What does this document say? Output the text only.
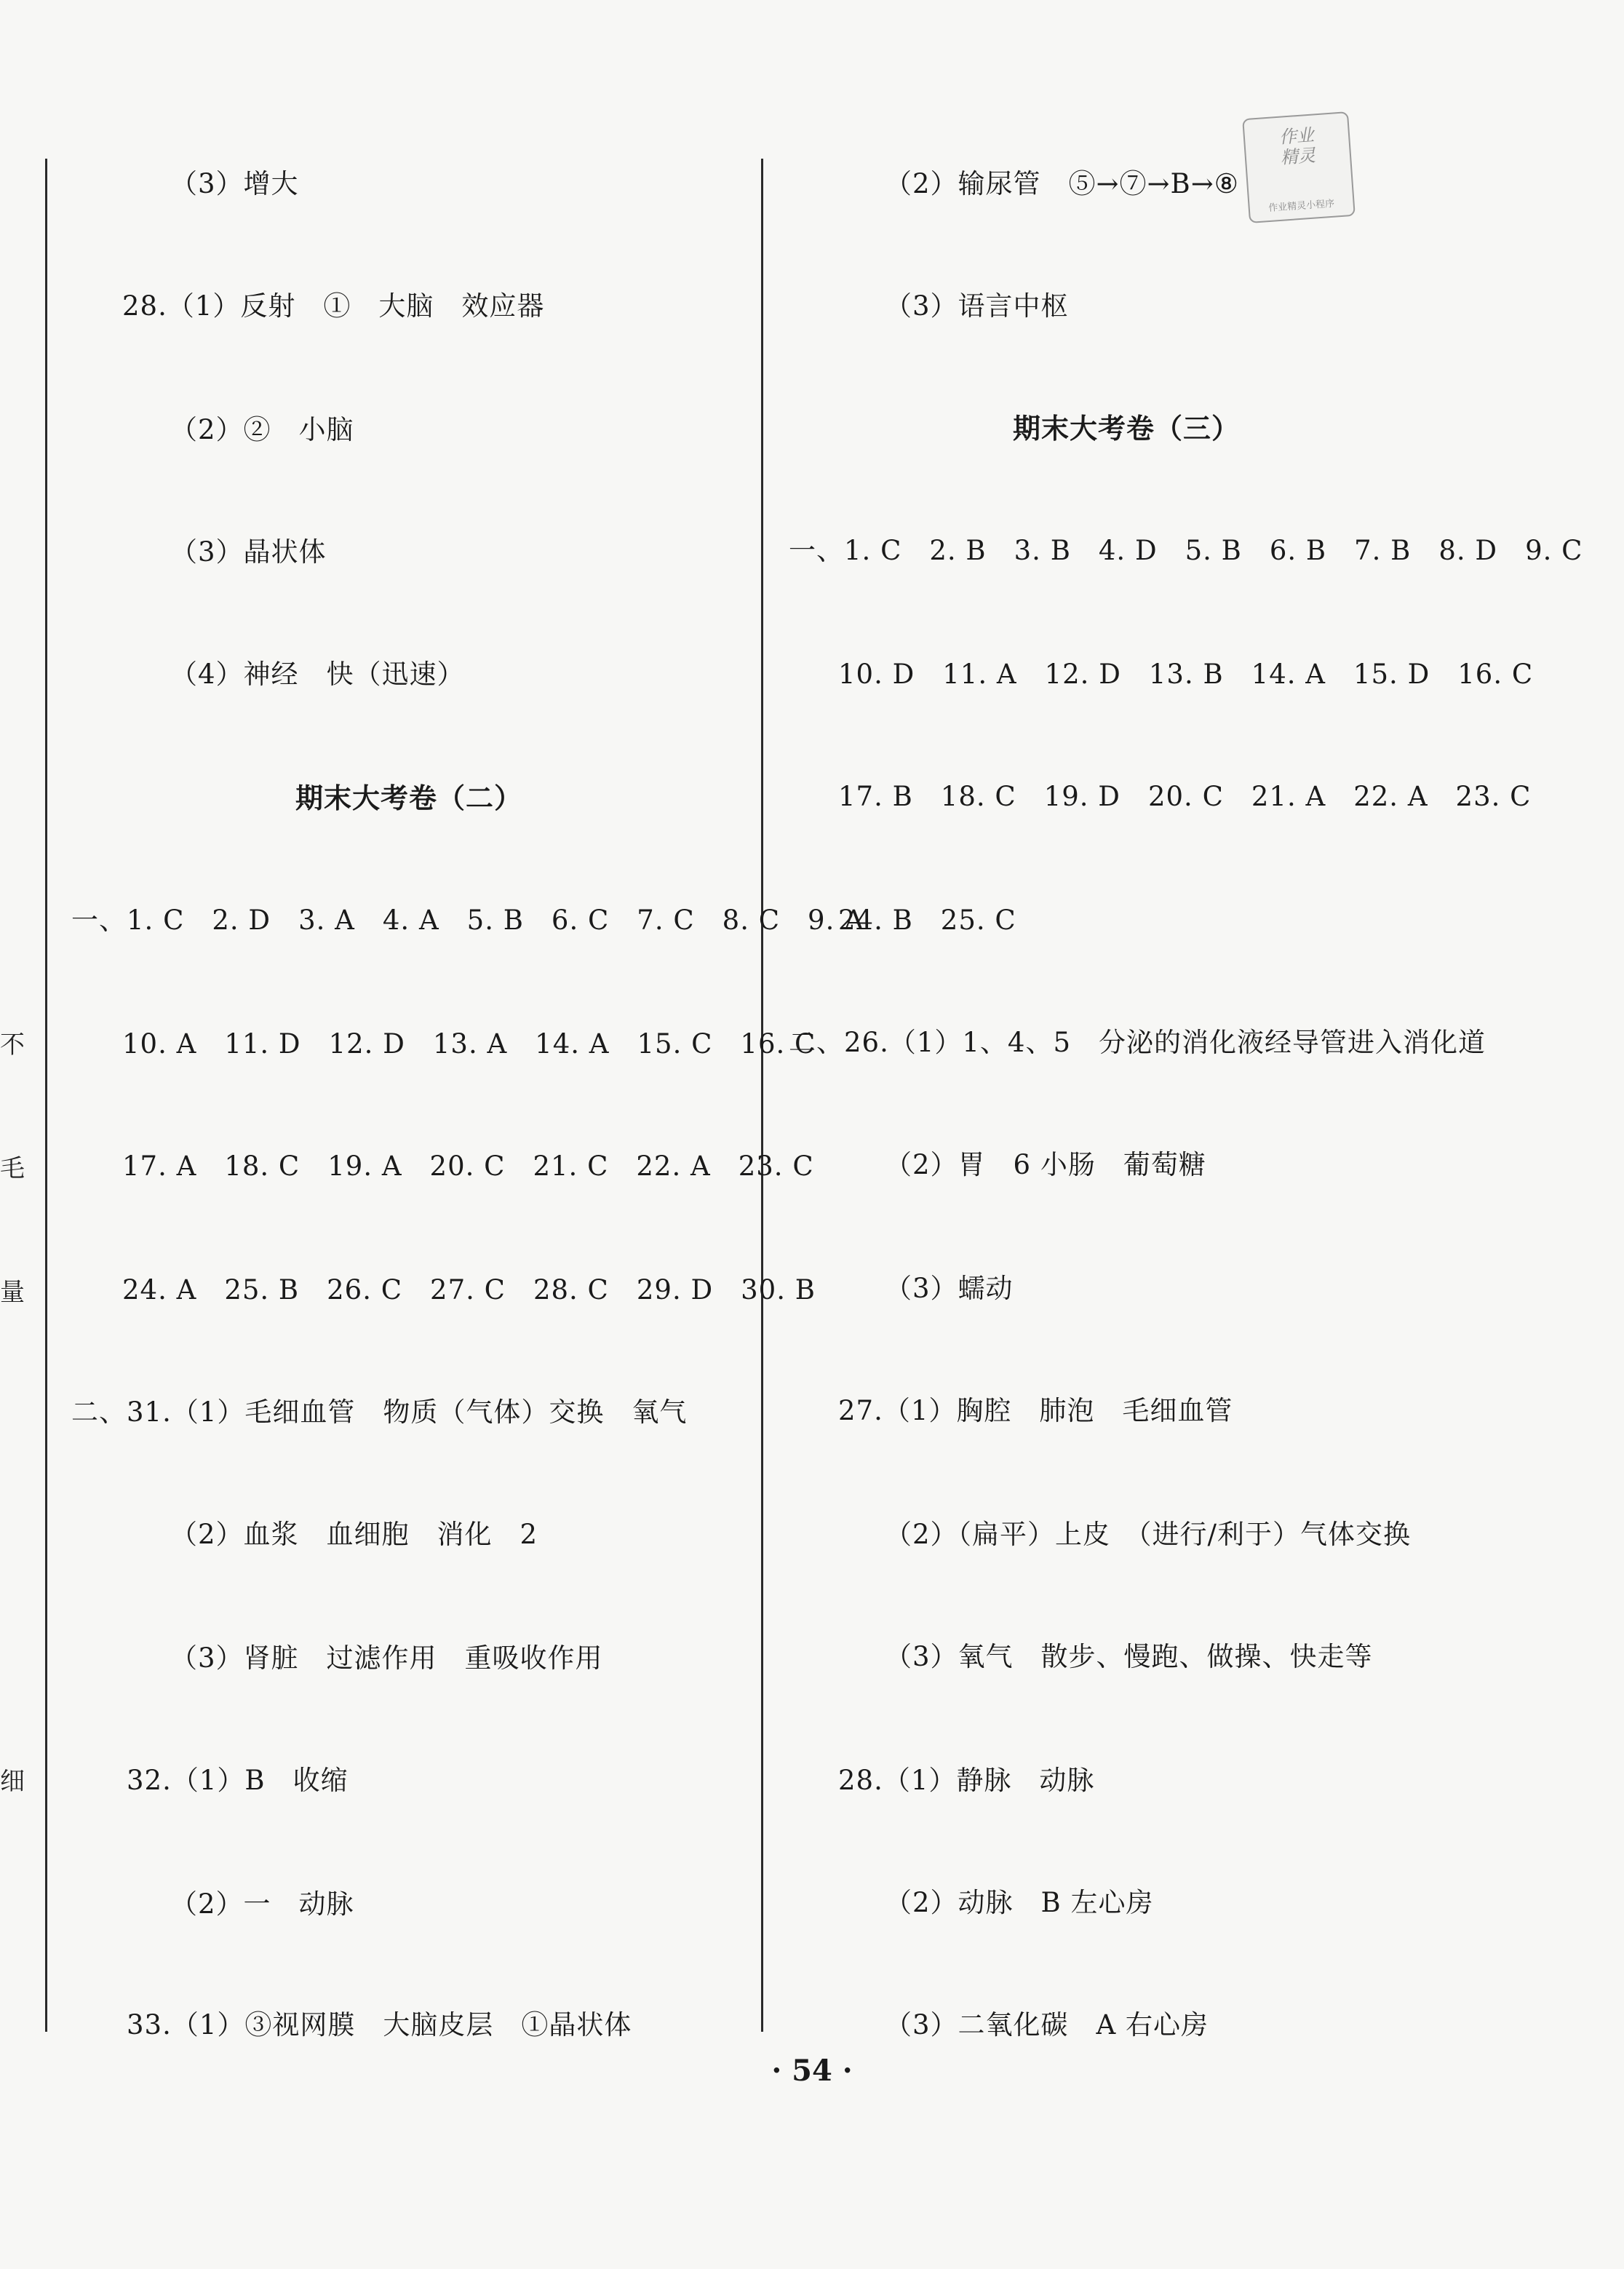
不
毛
量
细
（3）增大
28.（1）反射　①　大脑　效应器
（2）②　小脑
（3）晶状体
（4）神经　快（迅速）
期末大考卷（二）
一、1. C　2. D　3. A　4. A　5. B　6. C　7. C　8. C　9. A
10. A　11. D　12. D　13. A　14. A　15. C　16. C
17. A　18. C　19. A　20. C　21. C　22. A　23. C
24. A　25. B　26. C　27. C　28. C　29. D　30. B
二、31.（1）毛细血管　物质（气体）交换　氧气
（2）血浆　血细胞　消化　2
（3）肾脏　过滤作用　重吸收作用
32.（1）B　收缩
（2）一　动脉
33.（1）③视网膜　大脑皮层　①晶状体
（2）输尿管　⑤→⑦→B→⑧
（3）语言中枢
期末大考卷（三）
一、1. C　2. B　3. B　4. D　5. B　6. B　7. B　8. D　9. C
10. D　11. A　12. D　13. B　14. A　15. D　16. C
17. B　18. C　19. D　20. C　21. A　22. A　23. C
24. B　25. C
二、26.（1）1、4、5　分泌的消化液经导管进入消化道
（2）胃　6 小肠　葡萄糖
（3）蠕动
27.（1）胸腔　肺泡　毛细血管
（2）（扁平）上皮　（进行/利于）气体交换
（3）氧气　散步、慢跑、做操、快走等
28.（1）静脉　动脉
（2）动脉　B 左心房
（3）二氧化碳　A 右心房
作业
精灵
作业精灵小程序
· 54 ·
